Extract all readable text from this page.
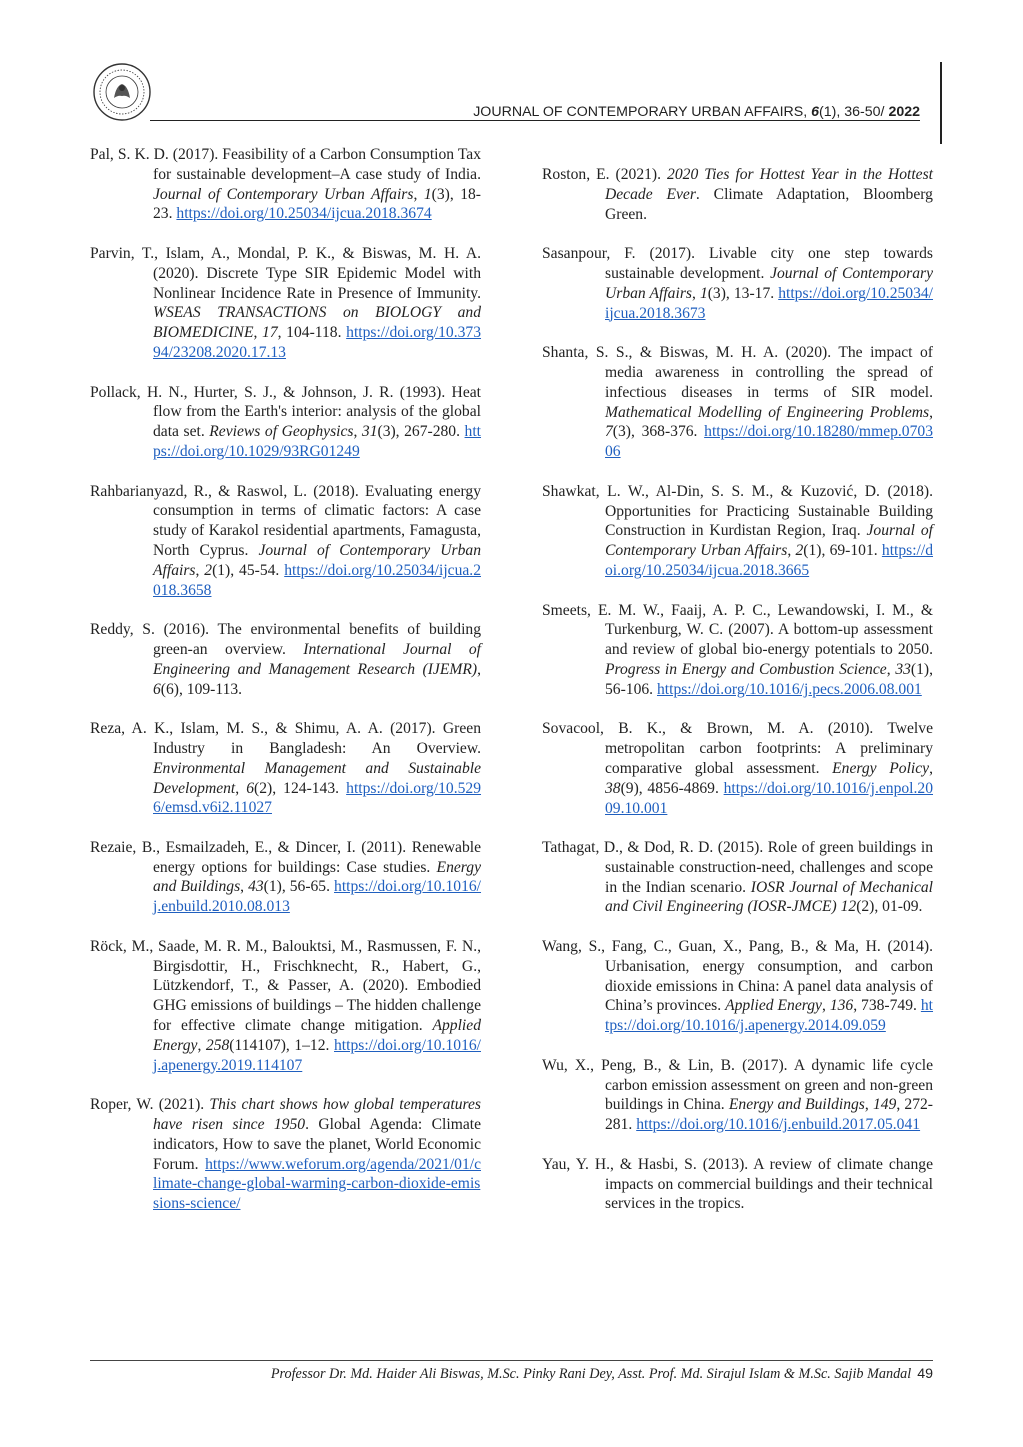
JOURNAL OF CONTEMPORARY URBAN AFFAIRS, 6(1), 36-50/ 2022

Pal, S. K. D. (2017). Feasibility of a Carbon Consumption Tax for sustainable development–A case study of India. Journal of Contemporary Urban Affairs, 1(3), 18-23. https://doi.org/10.25034/ijcua.2018.3674

Parvin, T., Islam, A., Mondal, P. K., & Biswas, M. H. A. (2020). Discrete Type SIR Epidemic Model with Nonlinear Incidence Rate in Presence of Immunity. WSEAS TRANSACTIONS on BIOLOGY and BIOMEDICINE, 17, 104-118. https://doi.org/10.37394/23208.2020.17.13

Pollack, H. N., Hurter, S. J., & Johnson, J. R. (1993). Heat flow from the Earth's interior: analysis of the global data set. Reviews of Geophysics, 31(3), 267-280. https://doi.org/10.1029/93RG01249

Rahbarianyazd, R., & Raswol, L. (2018). Evaluating energy consumption in terms of climatic factors: A case study of Karakol residential apartments, Famagusta, North Cyprus. Journal of Contemporary Urban Affairs, 2(1), 45-54. https://doi.org/10.25034/ijcua.2018.3658

Reddy, S. (2016). The environmental benefits of building green-an overview. International Journal of Engineering and Management Research (IJEMR), 6(6), 109-113.

Reza, A. K., Islam, M. S., & Shimu, A. A. (2017). Green Industry in Bangladesh: An Overview. Environmental Management and Sustainable Development, 6(2), 124-143. https://doi.org/10.5296/emsd.v6i2.11027

Rezaie, B., Esmailzadeh, E., & Dincer, I. (2011). Renewable energy options for buildings: Case studies. Energy and Buildings, 43(1), 56-65. https://doi.org/10.1016/j.enbuild.2010.08.013

Röck, M., Saade, M. R. M., Balouktsi, M., Rasmussen, F. N., Birgisdottir, H., Frischknecht, R., Habert, G., Lützkendorf, T., & Passer, A. (2020). Embodied GHG emissions of buildings – The hidden challenge for effective climate change mitigation. Applied Energy, 258(114107), 1–12. https://doi.org/10.1016/j.apenergy.2019.114107

Roper, W. (2021). This chart shows how global temperatures have risen since 1950. Global Agenda: Climate indicators, How to save the planet, World Economic Forum. https://www.weforum.org/agenda/2021/01/climate-change-global-warming-carbon-dioxide-emissions-science/

Roston, E. (2021). 2020 Ties for Hottest Year in the Hottest Decade Ever. Climate Adaptation, Bloomberg Green.

Sasanpour, F. (2017). Livable city one step towards sustainable development. Journal of Contemporary Urban Affairs, 1(3), 13-17. https://doi.org/10.25034/ijcua.2018.3673

Shanta, S. S., & Biswas, M. H. A. (2020). The impact of media awareness in controlling the spread of infectious diseases in terms of SIR model. Mathematical Modelling of Engineering Problems, 7(3), 368-376. https://doi.org/10.18280/mmep.070306

Shawkat, L. W., Al-Din, S. S. M., & Kuzović, D. (2018). Opportunities for Practicing Sustainable Building Construction in Kurdistan Region, Iraq. Journal of Contemporary Urban Affairs, 2(1), 69-101. https://doi.org/10.25034/ijcua.2018.3665

Smeets, E. M. W., Faaij, A. P. C., Lewandowski, I. M., & Turkenburg, W. C. (2007). A bottom-up assessment and review of global bio-energy potentials to 2050. Progress in Energy and Combustion Science, 33(1), 56-106. https://doi.org/10.1016/j.pecs.2006.08.001

Sovacool, B. K., & Brown, M. A. (2010). Twelve metropolitan carbon footprints: A preliminary comparative global assessment. Energy Policy, 38(9), 4856-4869. https://doi.org/10.1016/j.enpol.2009.10.001

Tathagat, D., & Dod, R. D. (2015). Role of green buildings in sustainable construction-need, challenges and scope in the Indian scenario. IOSR Journal of Mechanical and Civil Engineering (IOSR-JMCE) 12(2), 01-09.

Wang, S., Fang, C., Guan, X., Pang, B., & Ma, H. (2014). Urbanisation, energy consumption, and carbon dioxide emissions in China: A panel data analysis of China’s provinces. Applied Energy, 136, 738-749. https://doi.org/10.1016/j.apenergy.2014.09.059

Wu, X., Peng, B., & Lin, B. (2017). A dynamic life cycle carbon emission assessment on green and non-green buildings in China. Energy and Buildings, 149, 272-281. https://doi.org/10.1016/j.enbuild.2017.05.041

Yau, Y. H., & Hasbi, S. (2013). A review of climate change impacts on commercial buildings and their technical services in the tropics.

Professor Dr. Md. Haider Ali Biswas, M.Sc. Pinky Rani Dey, Asst. Prof. Md. Sirajul Islam & M.Sc. Sajib Mandal 49
